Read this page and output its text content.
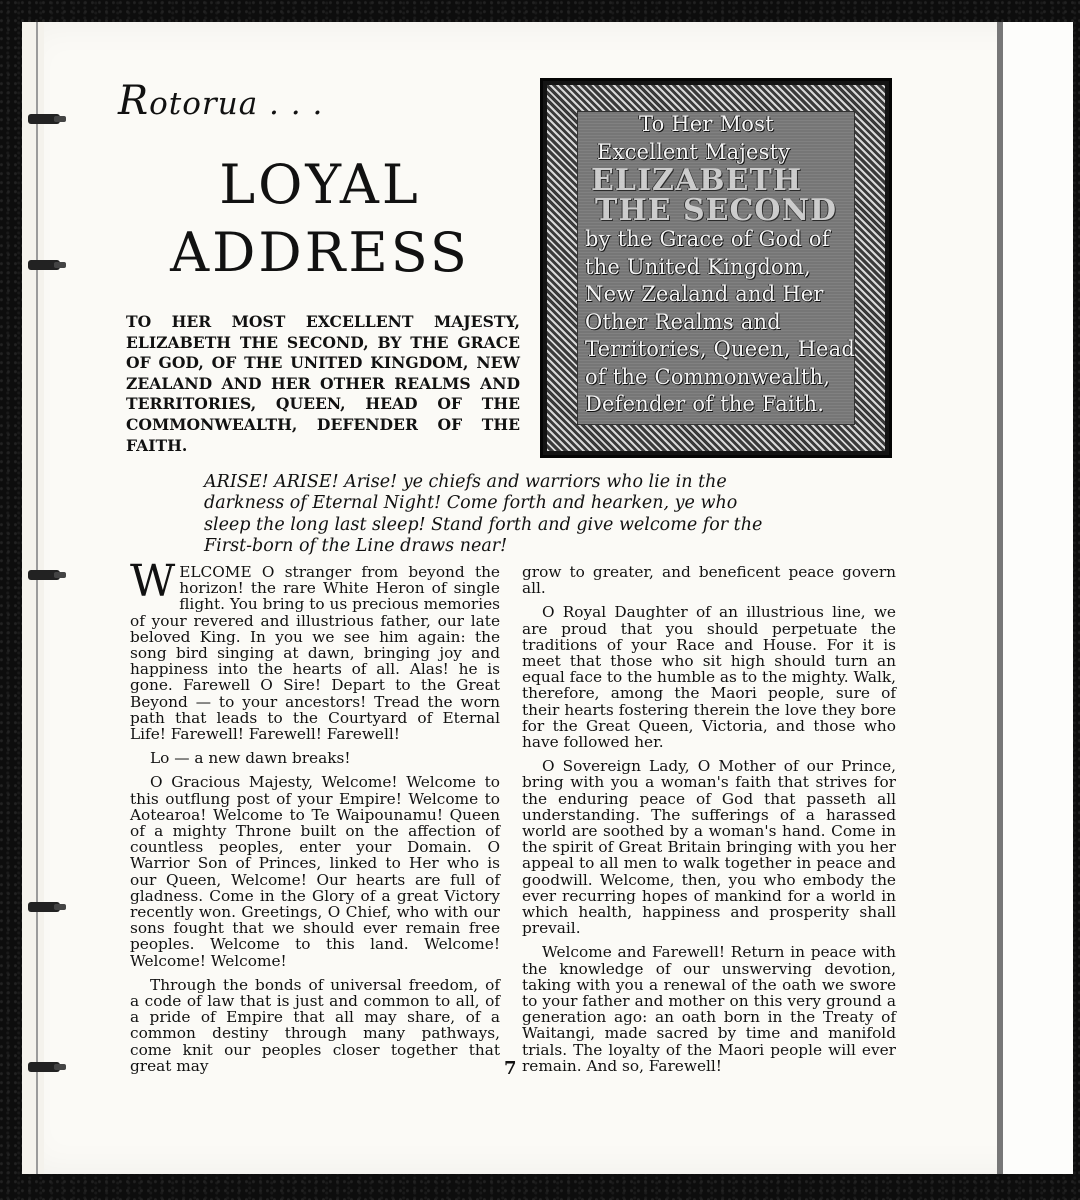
Rotorua . . .
LOYAL
ADDRESS
TO HER MOST EXCELLENT MAJESTY, ELIZABETH THE SECOND, BY THE GRACE OF GOD, OF THE UNITED KINGDOM, NEW ZEALAND AND HER OTHER REALMS AND TERRITORIES, QUEEN, HEAD OF THE COMMONWEALTH, DEFENDER OF THE FAITH.
To Her Most
Excellent Majesty
ELIZABETH
THE SECOND
by the Grace of God of
the United Kingdom,
New Zealand and Her
Other Realms and
Territories, Queen, Head
of the Commonwealth,
Defender of the Faith.
ARISE! ARISE! Arise! ye chiefs and warriors who lie in the
darkness of Eternal Night! Come forth and hearken, ye who
sleep the long last sleep! Stand forth and give welcome for the
First-born of the Line draws near!

WELCOME O stranger from beyond the horizon! the rare White Heron of single flight. You bring to us precious memories of your revered and illustrious father, our late beloved King. In you we see him again: the song bird singing at dawn, bringing joy and happiness into the hearts of all. Alas! he is gone. Farewell O Sire! Depart to the Great Beyond — to your ancestors! Tread the worn path that leads to the Courtyard of Eternal Life! Farewell! Farewell! Farewell!

Lo — a new dawn breaks!

O Gracious Majesty, Welcome! Welcome to this outflung post of your Empire! Welcome to Aotearoa! Welcome to Te Waipounamu! Queen of a mighty Throne built on the affection of countless peoples, enter your Domain. O Warrior Son of Princes, linked to Her who is our Queen, Welcome! Our hearts are full of gladness. Come in the Glory of a great Victory recently won. Greetings, O Chief, who with our sons fought that we should ever remain free peoples. Welcome to this land. Welcome! Welcome! Welcome!

Through the bonds of universal freedom, of a code of law that is just and common to all, of a pride of Empire that all may share, of a common destiny through many pathways, come knit our peoples closer together that great may

grow to greater, and beneficent peace govern all.

O Royal Daughter of an illustrious line, we are proud that you should perpetuate the traditions of your Race and House. For it is meet that those who sit high should turn an equal face to the humble as to the mighty. Walk, therefore, among the Maori people, sure of their hearts fostering therein the love they bore for the Great Queen, Victoria, and those who have followed her.

O Sovereign Lady, O Mother of our Prince, bring with you a woman's faith that strives for the enduring peace of God that passeth all understanding. The sufferings of a harassed world are soothed by a woman's hand. Come in the spirit of Great Britain bringing with you her appeal to all men to walk together in peace and goodwill. Welcome, then, you who embody the ever recurring hopes of mankind for a world in which health, happiness and prosperity shall prevail.

Welcome and Farewell! Return in peace with the knowledge of our unswerving devotion, taking with you a renewal of the oath we swore to your father and mother on this very ground a generation ago: an oath born in the Treaty of Waitangi, made sacred by time and manifold trials. The loyalty of the Maori people will ever remain. And so, Farewell!

7
